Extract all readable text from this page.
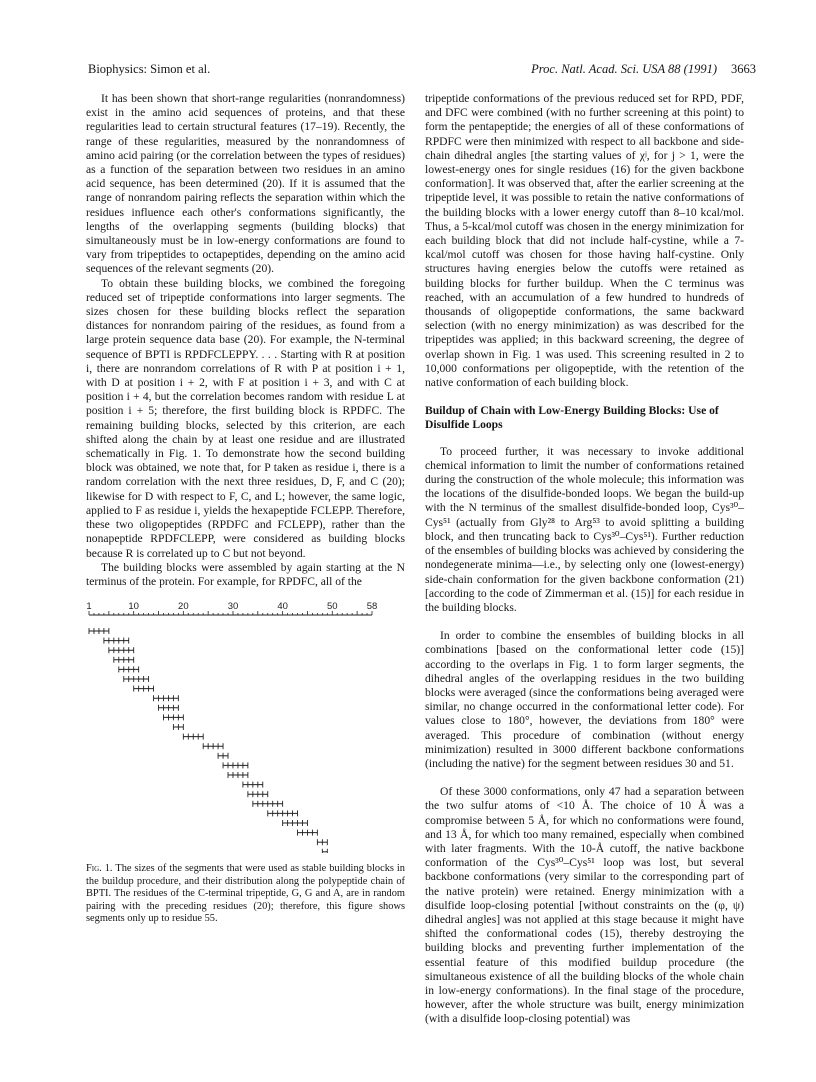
Biophysics: Simon et al.	Proc. Natl. Acad. Sci. USA 88 (1991) 3663

It has been shown that short-range regularities (nonrandomness) exist in the amino acid sequences of proteins, and that these regularities lead to certain structural features (17–19). Recently, the range of these regularities, measured by the nonrandomness of amino acid pairing (or the correlation between the types of residues) as a function of the separation between two residues in an amino acid sequence, has been determined (20). If it is assumed that the range of nonrandom pairing reflects the separation within which the residues influence each other's conformations significantly, the lengths of the overlapping segments (building blocks) that simultaneously must be in low-energy conformations are found to vary from tripeptides to octapeptides, depending on the amino acid sequences of the relevant segments (20).

To obtain these building blocks, we combined the foregoing reduced set of tripeptide conformations into larger segments. The sizes chosen for these building blocks reflect the separation distances for nonrandom pairing of the residues, as found from a large protein sequence data base (20). For example, the N-terminal sequence of BPTI is RPDFCLEPPY. . . . Starting with R at position i, there are nonrandom correlations of R with P at position i + 1, with D at position i + 2, with F at position i + 3, and with C at position i + 4, but the correlation becomes random with residue L at position i + 5; therefore, the first building block is RPDFC. The remaining building blocks, selected by this criterion, are each shifted along the chain by at least one residue and are illustrated schematically in Fig. 1. To demonstrate how the second building block was obtained, we note that, for P taken as residue i, there is a random correlation with the next three residues, D, F, and C (20); likewise for D with respect to F, C, and L; however, the same logic, applied to F as residue i, yields the hexapeptide FCLEPP. Therefore, these two oligopeptides (RPDFC and FCLEPP), rather than the nonapeptide RPDFCLEPP, were considered as building blocks because R is correlated up to C but not beyond.

The building blocks were assembled by again starting at the N terminus of the protein. For example, for RPDFC, all of the

1	10	20	30	40	50	58
Fig. 1. The sizes of the segments that were used as stable building blocks in the buildup procedure, and their distribution along the polypeptide chain of BPTI. The residues of the C-terminal tripeptide, G, G and A, are in random pairing with the preceding residues (20); therefore, this figure shows segments only up to residue 55.

tripeptide conformations of the previous reduced set for RPD, PDF, and DFC were combined (with no further screening at this point) to form the pentapeptide; the energies of all of these conformations of RPDFC were then minimized with respect to all backbone and side-chain dihedral angles [the starting values of χʲ, for j > 1, were the lowest-energy ones for single residues (16) for the given backbone conformation]. It was observed that, after the earlier screening at the tripeptide level, it was possible to retain the native conformations of the building blocks with a lower energy cutoff than 8–10 kcal/mol. Thus, a 5-kcal/mol cutoff was chosen in the energy minimization for each building block that did not include half-cystine, while a 7-kcal/mol cutoff was chosen for those having half-cystine. Only structures having energies below the cutoffs were retained as building blocks for further buildup. When the C terminus was reached, with an accumulation of a few hundred to hundreds of thousands of oligopeptide conformations, the same backward selection (with no energy minimization) as was described for the tripeptides was applied; in this backward screening, the degree of overlap shown in Fig. 1 was used. This screening resulted in 2 to 10,000 conformations per oligopeptide, with the retention of the native conformation of each building block.

Buildup of Chain with Low-Energy Building Blocks: Use of Disulfide Loops

To proceed further, it was necessary to invoke additional chemical information to limit the number of conformations retained during the construction of the whole molecule; this information was the locations of the disulfide-bonded loops. We began the build-up with the N terminus of the smallest disulfide-bonded loop, Cys³⁰–Cys⁵¹ (actually from Gly²⁸ to Arg⁵³ to avoid splitting a building block, and then truncating back to Cys³⁰–Cys⁵¹). Further reduction of the ensembles of building blocks was achieved by considering the nondegenerate minima—i.e., by selecting only one (lowest-energy) side-chain conformation for the given backbone conformation (21) [according to the code of Zimmerman et al. (15)] for each residue in the building blocks.

In order to combine the ensembles of building blocks in all combinations [based on the conformational letter code (15)] according to the overlaps in Fig. 1 to form larger segments, the dihedral angles of the overlapping residues in the two building blocks were averaged (since the conformations being averaged were similar, no change occurred in the conformational letter code). For values close to 180°, however, the deviations from 180° were averaged. This procedure of combination (without energy minimization) resulted in 3000 different backbone conformations (including the native) for the segment between residues 30 and 51.

Of these 3000 conformations, only 47 had a separation between the two sulfur atoms of <10 Å. The choice of 10 Å was a compromise between 5 Å, for which no conformations were found, and 13 Å, for which too many remained, especially when combined with later fragments. With the 10-Å cutoff, the native backbone conformation of the Cys³⁰–Cys⁵¹ loop was lost, but several backbone conformations (very similar to the corresponding part of the native protein) were retained. Energy minimization with a disulfide loop-closing potential [without constraints on the (φ, ψ) dihedral angles] was not applied at this stage because it might have shifted the conformational codes (15), thereby destroying the building blocks and preventing further implementation of the essential feature of this modified buildup procedure (the simultaneous existence of all the building blocks of the whole chain in low-energy conformations). In the final stage of the procedure, however, after the whole structure was built, energy minimization (with a disulfide loop-closing potential) was
